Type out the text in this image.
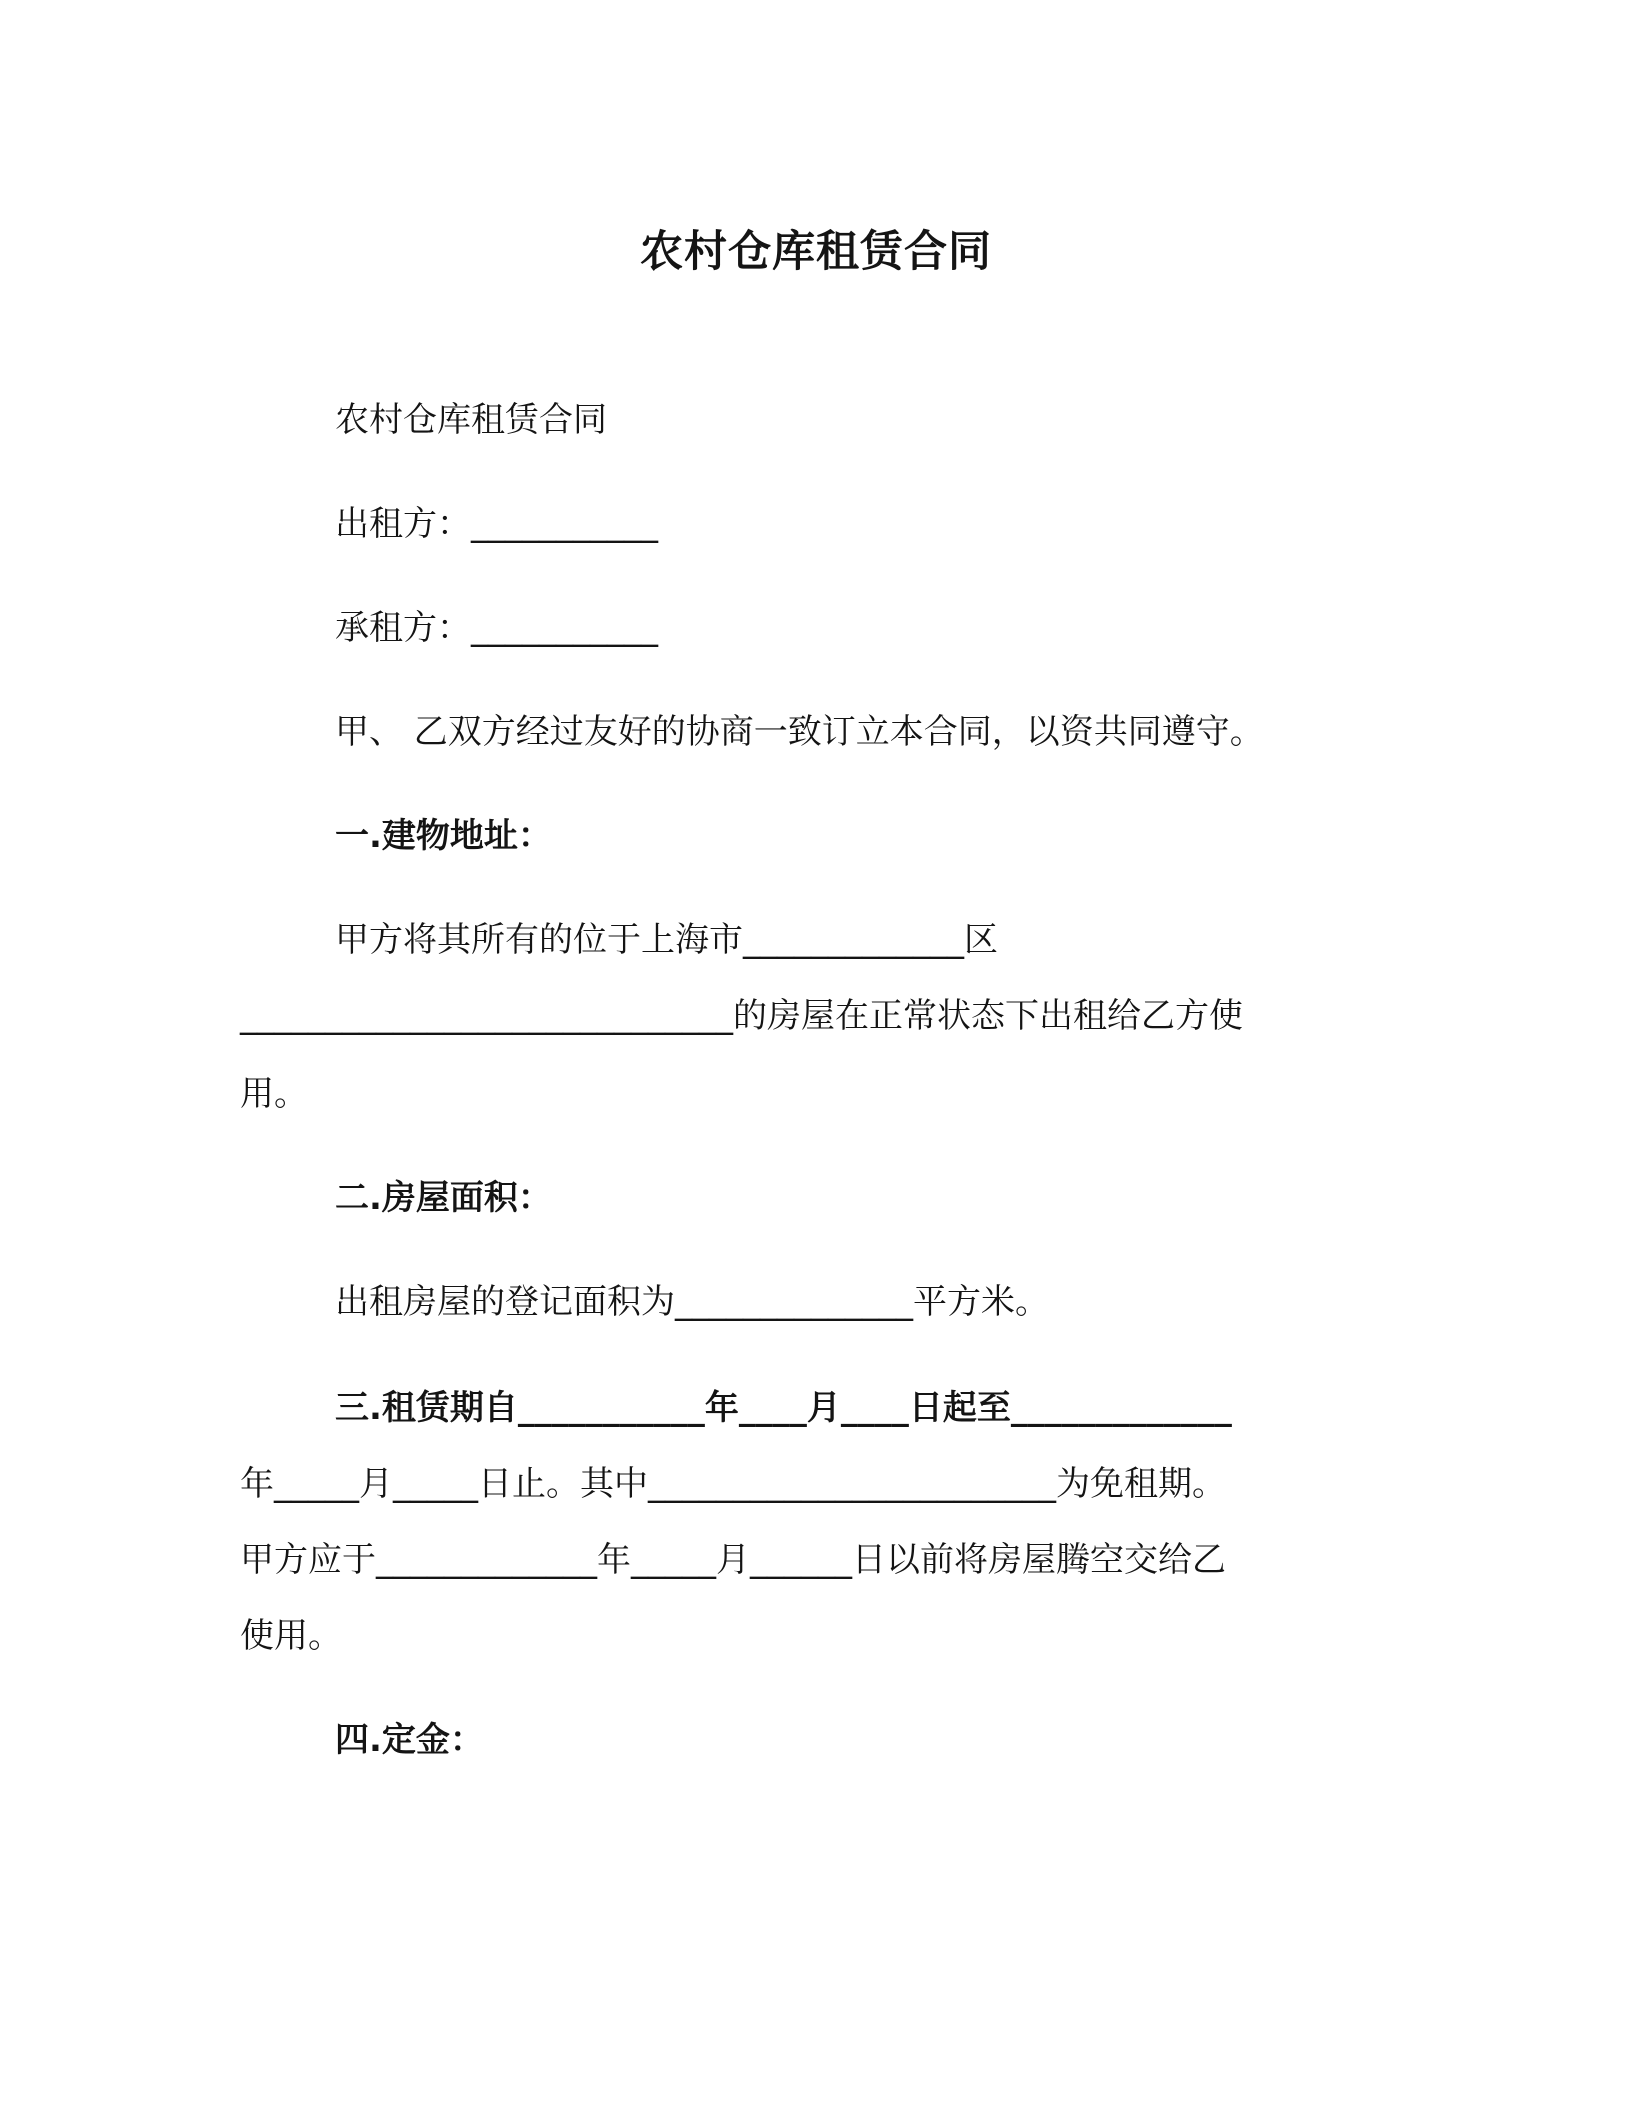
农村仓库租赁合同

农村仓库租赁合同

出租方：___________

承租方：___________

甲、 乙双方经过友好的协商一致订立本合同，以资共同遵守。

一.建物地址：

甲方将其所有的位于上海市_____________区

_____________________________的房屋在正常状态下出租给乙方使

用。

二.房屋面积：

出租房屋的登记面积为______________平方米。

三.租赁期自___________年____月____日起至_____________

年_____月_____日止。其中________________________为免租期。

甲方应于_____________年_____月______日以前将房屋腾空交给乙

使用。

四.定金：
